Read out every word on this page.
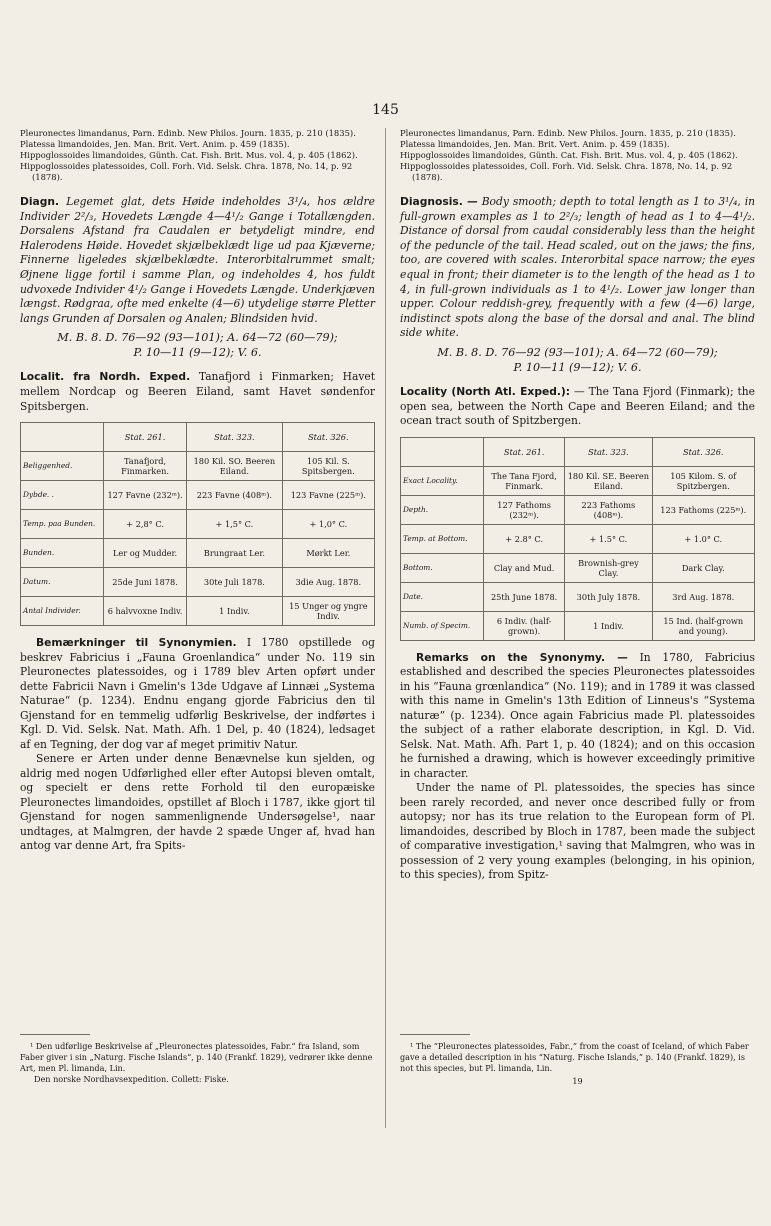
145

Pleuronectes limandanus, Parn. Edinb. New Philos. Journ. 1835, p. 210 (1835).

Platessa limandoides, Jen. Man. Brit. Vert. Anim. p. 459 (1835).

Hippoglossoides limandoides, Günth. Cat. Fish. Brit. Mus. vol. 4, p. 405 (1862).

Hippoglossoides platessoides, Coll. Forh. Vid. Selsk. Chra. 1878, No. 14, p. 92 (1878).

Diagn. Legemet glat, dets Høide indeholdes 3¹/₄, hos ældre Individer 2²/₃, Hovedets Længde 4—4¹/₂ Gange i Totallængden. Dorsalens Afstand fra Caudalen er betydeligt mindre, end Halerodens Høide. Hovedet skjælbeklædt lige ud paa Kjæverne; Finnerne ligeledes skjælbeklædte. Interorbitalrummet smalt; Øjnene ligge fortil i samme Plan, og indeholdes 4, hos fuldt udvoxede Individer 4¹/₂ Gange i Hovedets Længde. Underkjæven længst. Rødgraa, ofte med enkelte (4—6) utydelige større Pletter langs Grunden af Dorsalen og Analen; Blindsiden hvid.
M. B. 8. D. 76—92 (93—101); A. 64—72 (60—79);
P. 10—11 (9—12); V. 6.
Localit. fra Nordh. Exped. Tanafjord i Finmarken; Havet mellem Nordcap og Beeren Eiland, samt Havet søndenfor Spitsbergen.
	Stat. 261.	Stat. 323.	Stat. 326.
Beliggenhed.	Tanafjord, Finmarken.	180 Kil. SO. Beeren Eiland.	105 Kil. S. Spitsbergen.
Dybde. .	127 Favne (232ᵐ).	223 Favne (408ᵐ).	123 Favne (225ᵐ).
Temp. paa Bunden.	+ 2,8° C.	+ 1,5° C.	+ 1,0° C.
Bunden.	Ler og Mudder.	Brungraat Ler.	Mørkt Ler.
Datum.	25de Juni 1878.	30te Juli 1878.	3die Aug. 1878.
Antal Individer.	6 halvvoxne Indiv.	1 Indiv.	15 Unger og yngre Indiv.

Bemærkninger til Synonymien. I 1780 opstillede og beskrev Fabricius i „Fauna Groenlandica“ under No. 119 sin Pleuronectes platessoides, og i 1789 blev Arten opført under dette Fabricii Navn i Gmelin's 13de Udgave af Linnæi „Systema Naturae“ (p. 1234). Endnu engang gjorde Fabricius den til Gjenstand for en temmelig udførlig Beskrivelse, der indførtes i Kgl. D. Vid. Selsk. Nat. Math. Afh. 1 Del, p. 40 (1824), ledsaget af en Tegning, der dog var af meget primitiv Natur.

Senere er Arten under denne Benævnelse kun sjelden, og aldrig med nogen Udførlighed eller efter Autopsi bleven omtalt, og specielt er dens rette Forhold til den europæiske Pleuronectes limandoides, opstillet af Bloch i 1787, ikke gjort til Gjenstand for nogen sammenlignende Undersøgelse¹, naar undtages, at Malmgren, der havde 2 spæde Unger af, hvad han antog var denne Art, fra Spits-

¹ Den udførlige Beskrivelse af „Pleuronectes platessoides, Fabr.“ fra Island, som Faber giver i sin „Naturg. Fische Islands“, p. 140 (Frankf. 1829), vedrører ikke denne Art, men Pl. limanda, Lin.

Den norske Nordhavsexpedition. Collett: Fiske.

Pleuronectes limandanus, Parn. Edinb. New Philos. Journ. 1835, p. 210 (1835).

Platessa limandoides, Jen. Man. Brit. Vert. Anim. p. 459 (1835).

Hippoglossoides limandoides, Günth. Cat. Fish. Brit. Mus. vol. 4, p. 405 (1862).

Hippoglossoides platessoides, Coll. Forh. Vid. Selsk. Chra. 1878, No. 14, p. 92 (1878).

Diagnosis. — Body smooth; depth to total length as 1 to 3¹/₄, in full-grown examples as 1 to 2²/₃; length of head as 1 to 4—4¹/₂. Distance of dorsal from caudal considerably less than the height of the peduncle of the tail. Head scaled, out on the jaws; the fins, too, are covered with scales. Interorbital space narrow; the eyes equal in front; their diameter is to the length of the head as 1 to 4, in full-grown individuals as 1 to 4¹/₂. Lower jaw longer than upper. Colour reddish-grey, frequently with a few (4—6) large, indistinct spots along the base of the dorsal and anal. The blind side white.
M. B. 8. D. 76—92 (93—101); A. 64—72 (60—79);
P. 10—11 (9—12); V. 6.
Locality (North Atl. Exped.): — The Tana Fjord (Finmark); the open sea, between the North Cape and Beeren Eiland; and the ocean tract south of Spitzbergen.
	Stat. 261.	Stat. 323.	Stat. 326.
Exact Locality.	The Tana Fjord, Finmark.	180 Kil. SE. Beeren Eiland.	105 Kilom. S. of Spitzbergen.
Depth.	127 Fathoms (232ᵐ).	223 Fathoms (408ᵐ).	123 Fathoms (225ᵐ).
Temp. at Bottom.	+ 2.8° C.	+ 1.5° C.	+ 1.0° C.
Bottom.	Clay and Mud.	Brownish-grey Clay.	Dark Clay.
Date.	25th June 1878.	30th July 1878.	3rd Aug. 1878.
Numb. of Specim.	6 Indiv. (half-grown).	1 Indiv.	15 Ind. (half-grown and young).

Remarks on the Synonymy. — In 1780, Fabricius established and described the species Pleuronectes platessoides in his “Fauna grœnlandica” (No. 119); and in 1789 it was classed with this name in Gmelin's 13th Edition of Linneus's “Systema naturæ” (p. 1234). Once again Fabricius made Pl. platessoides the subject of a rather elaborate description, in Kgl. D. Vid. Selsk. Nat. Math. Afh. Part 1, p. 40 (1824); and on this occasion he furnished a drawing, which is however exceedingly primitive in character.

Under the name of Pl. platessoides, the species has since been rarely recorded, and never once described fully or from autopsy; nor has its true relation to the European form of Pl. limandoides, described by Bloch in 1787, been made the subject of comparative investigation,¹ saving that Malmgren, who was in possession of 2 very young examples (belonging, in his opinion, to this species), from Spitz-

¹ The “Pleuronectes platessoides, Fabr.,” from the coast of Iceland, of which Faber gave a detailed description in his “Naturg. Fische Islands,” p. 140 (Frankf. 1829), is not this species, but Pl. limanda, Lin.

19
